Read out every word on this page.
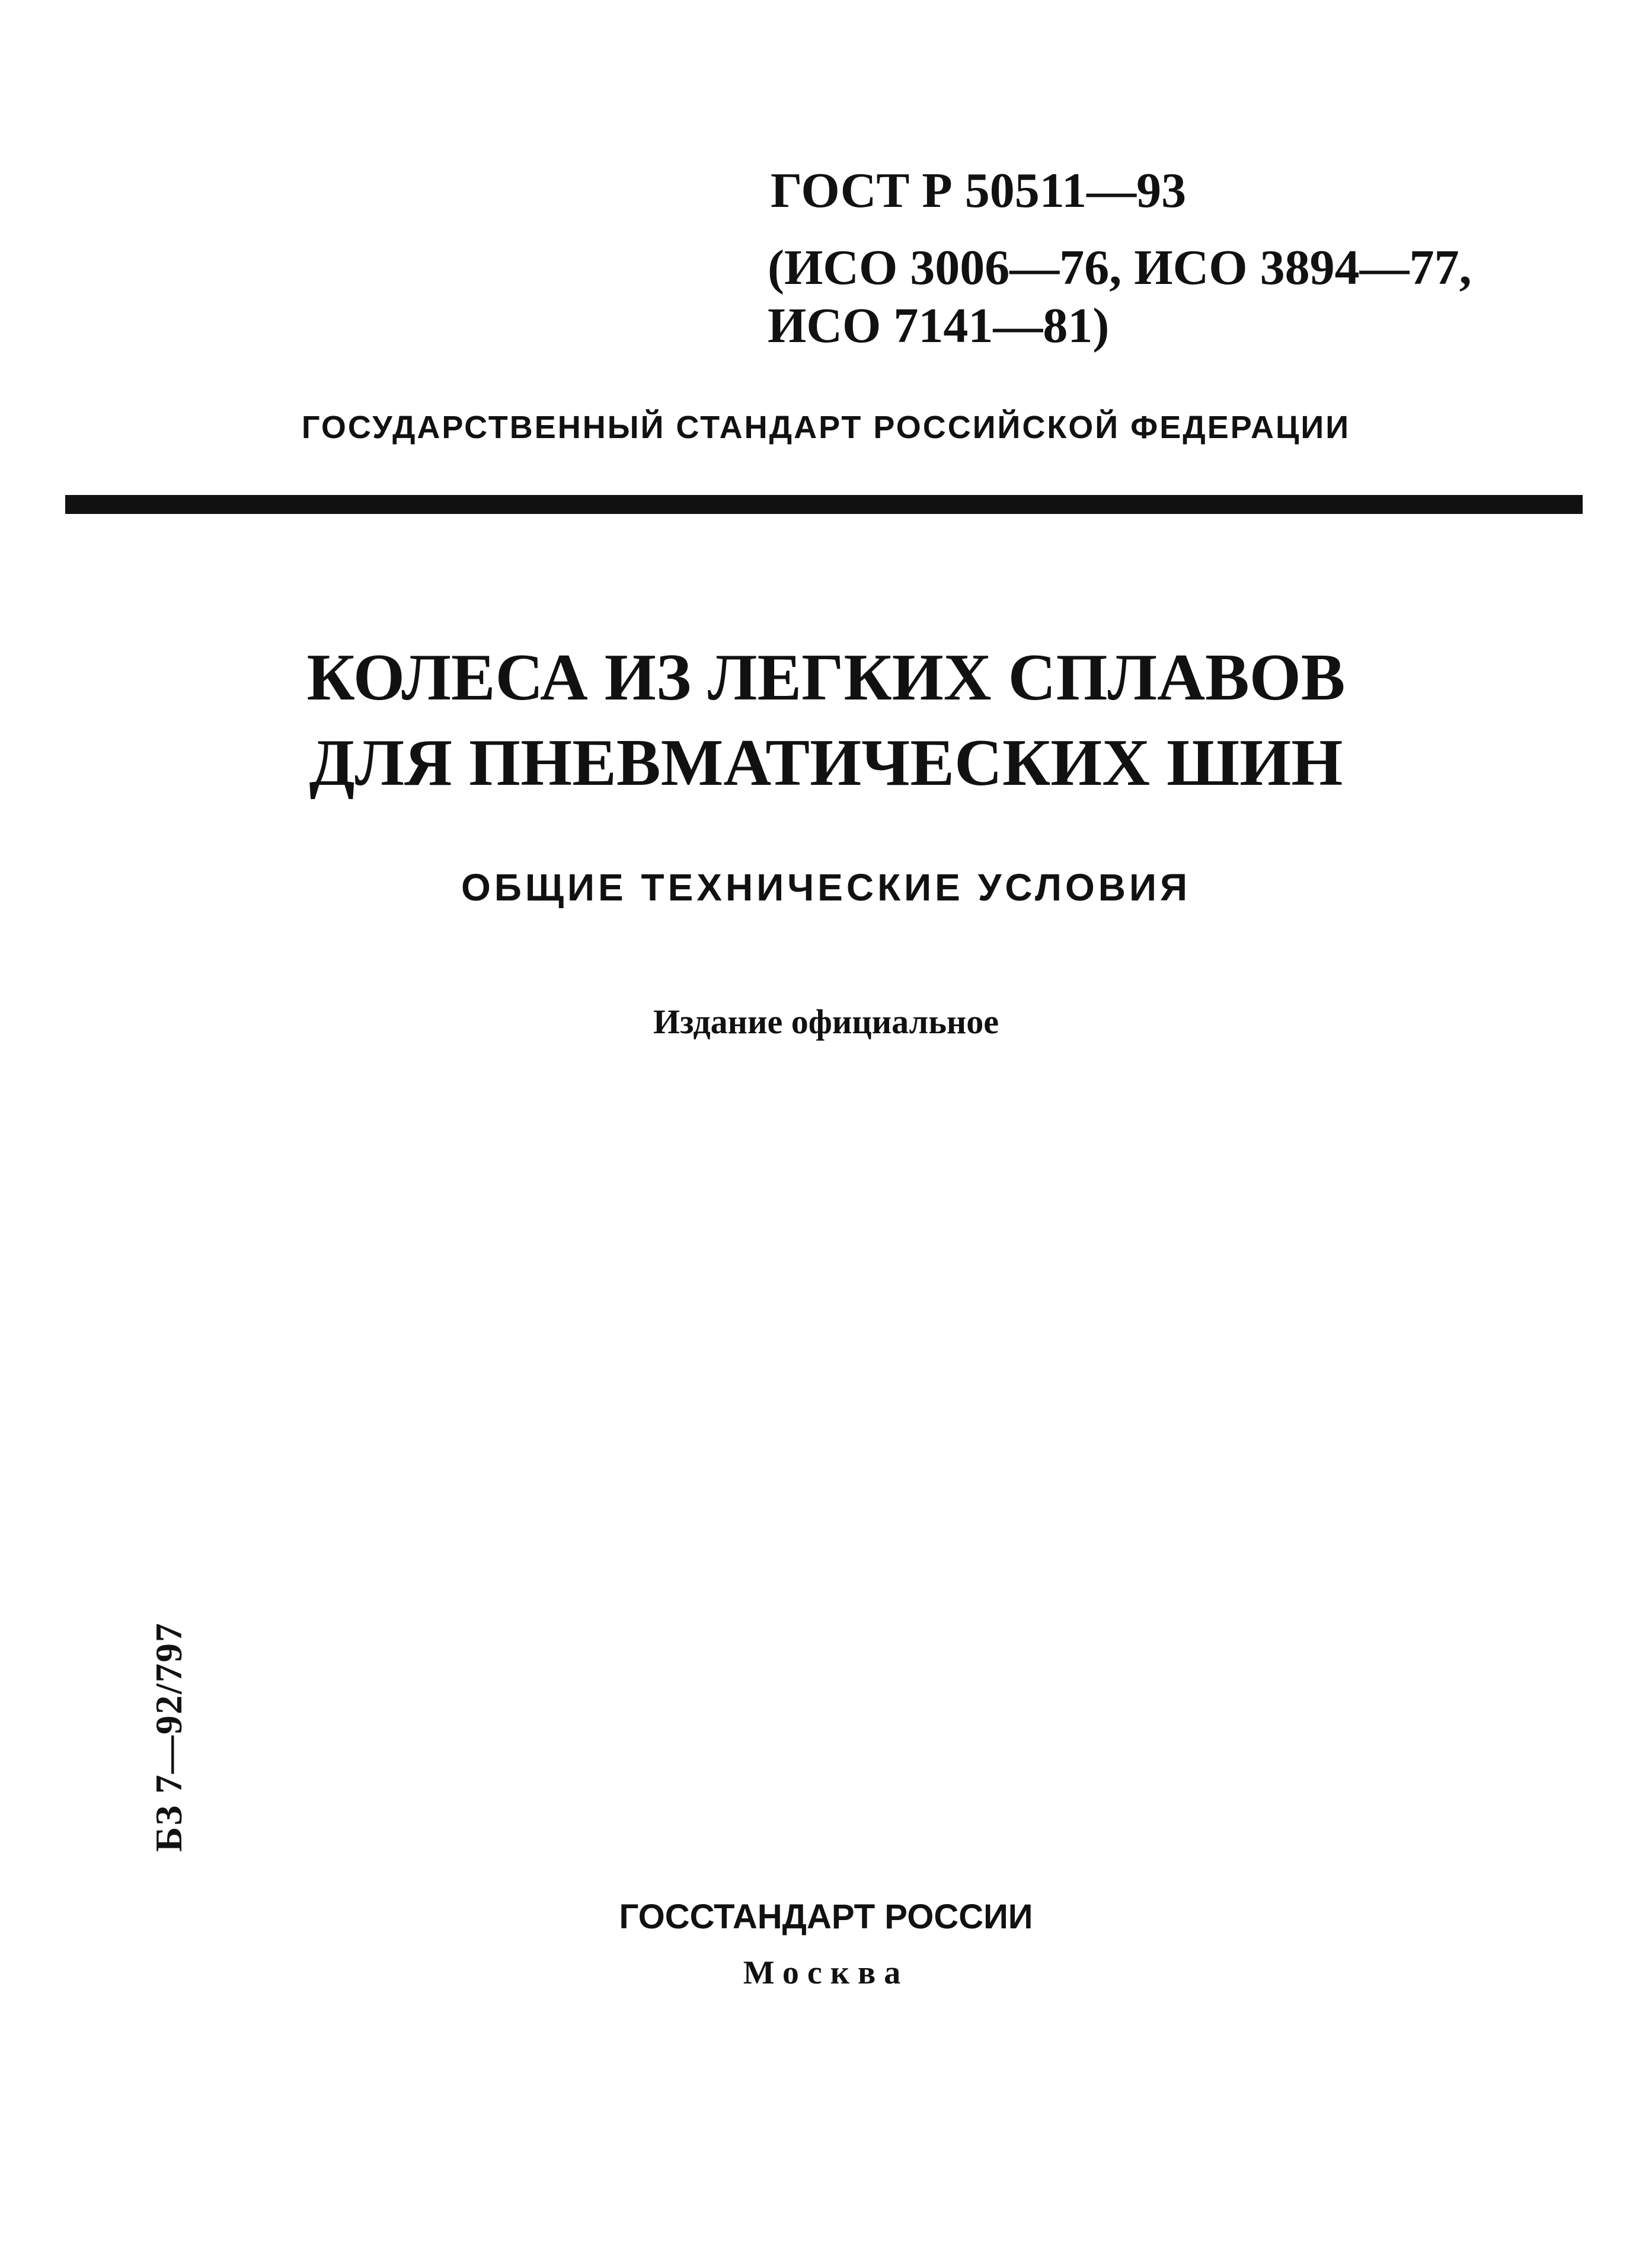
ГОСТ Р 50511—93
(ИСО 3006—76, ИСО 3894—77,
ИСО 7141—81)
ГОСУДАРСТВЕННЫЙ СТАНДАРТ РОССИЙСКОЙ ФЕДЕРАЦИИ
КОЛЕСА ИЗ ЛЕГКИХ СПЛАВОВ
ДЛЯ ПНЕВМАТИЧЕСКИХ ШИН
ОБЩИЕ ТЕХНИЧЕСКИЕ УСЛОВИЯ
Издание официальное
БЗ 7—92/797
ГОССТАНДАРТ РОССИИ
Москва
